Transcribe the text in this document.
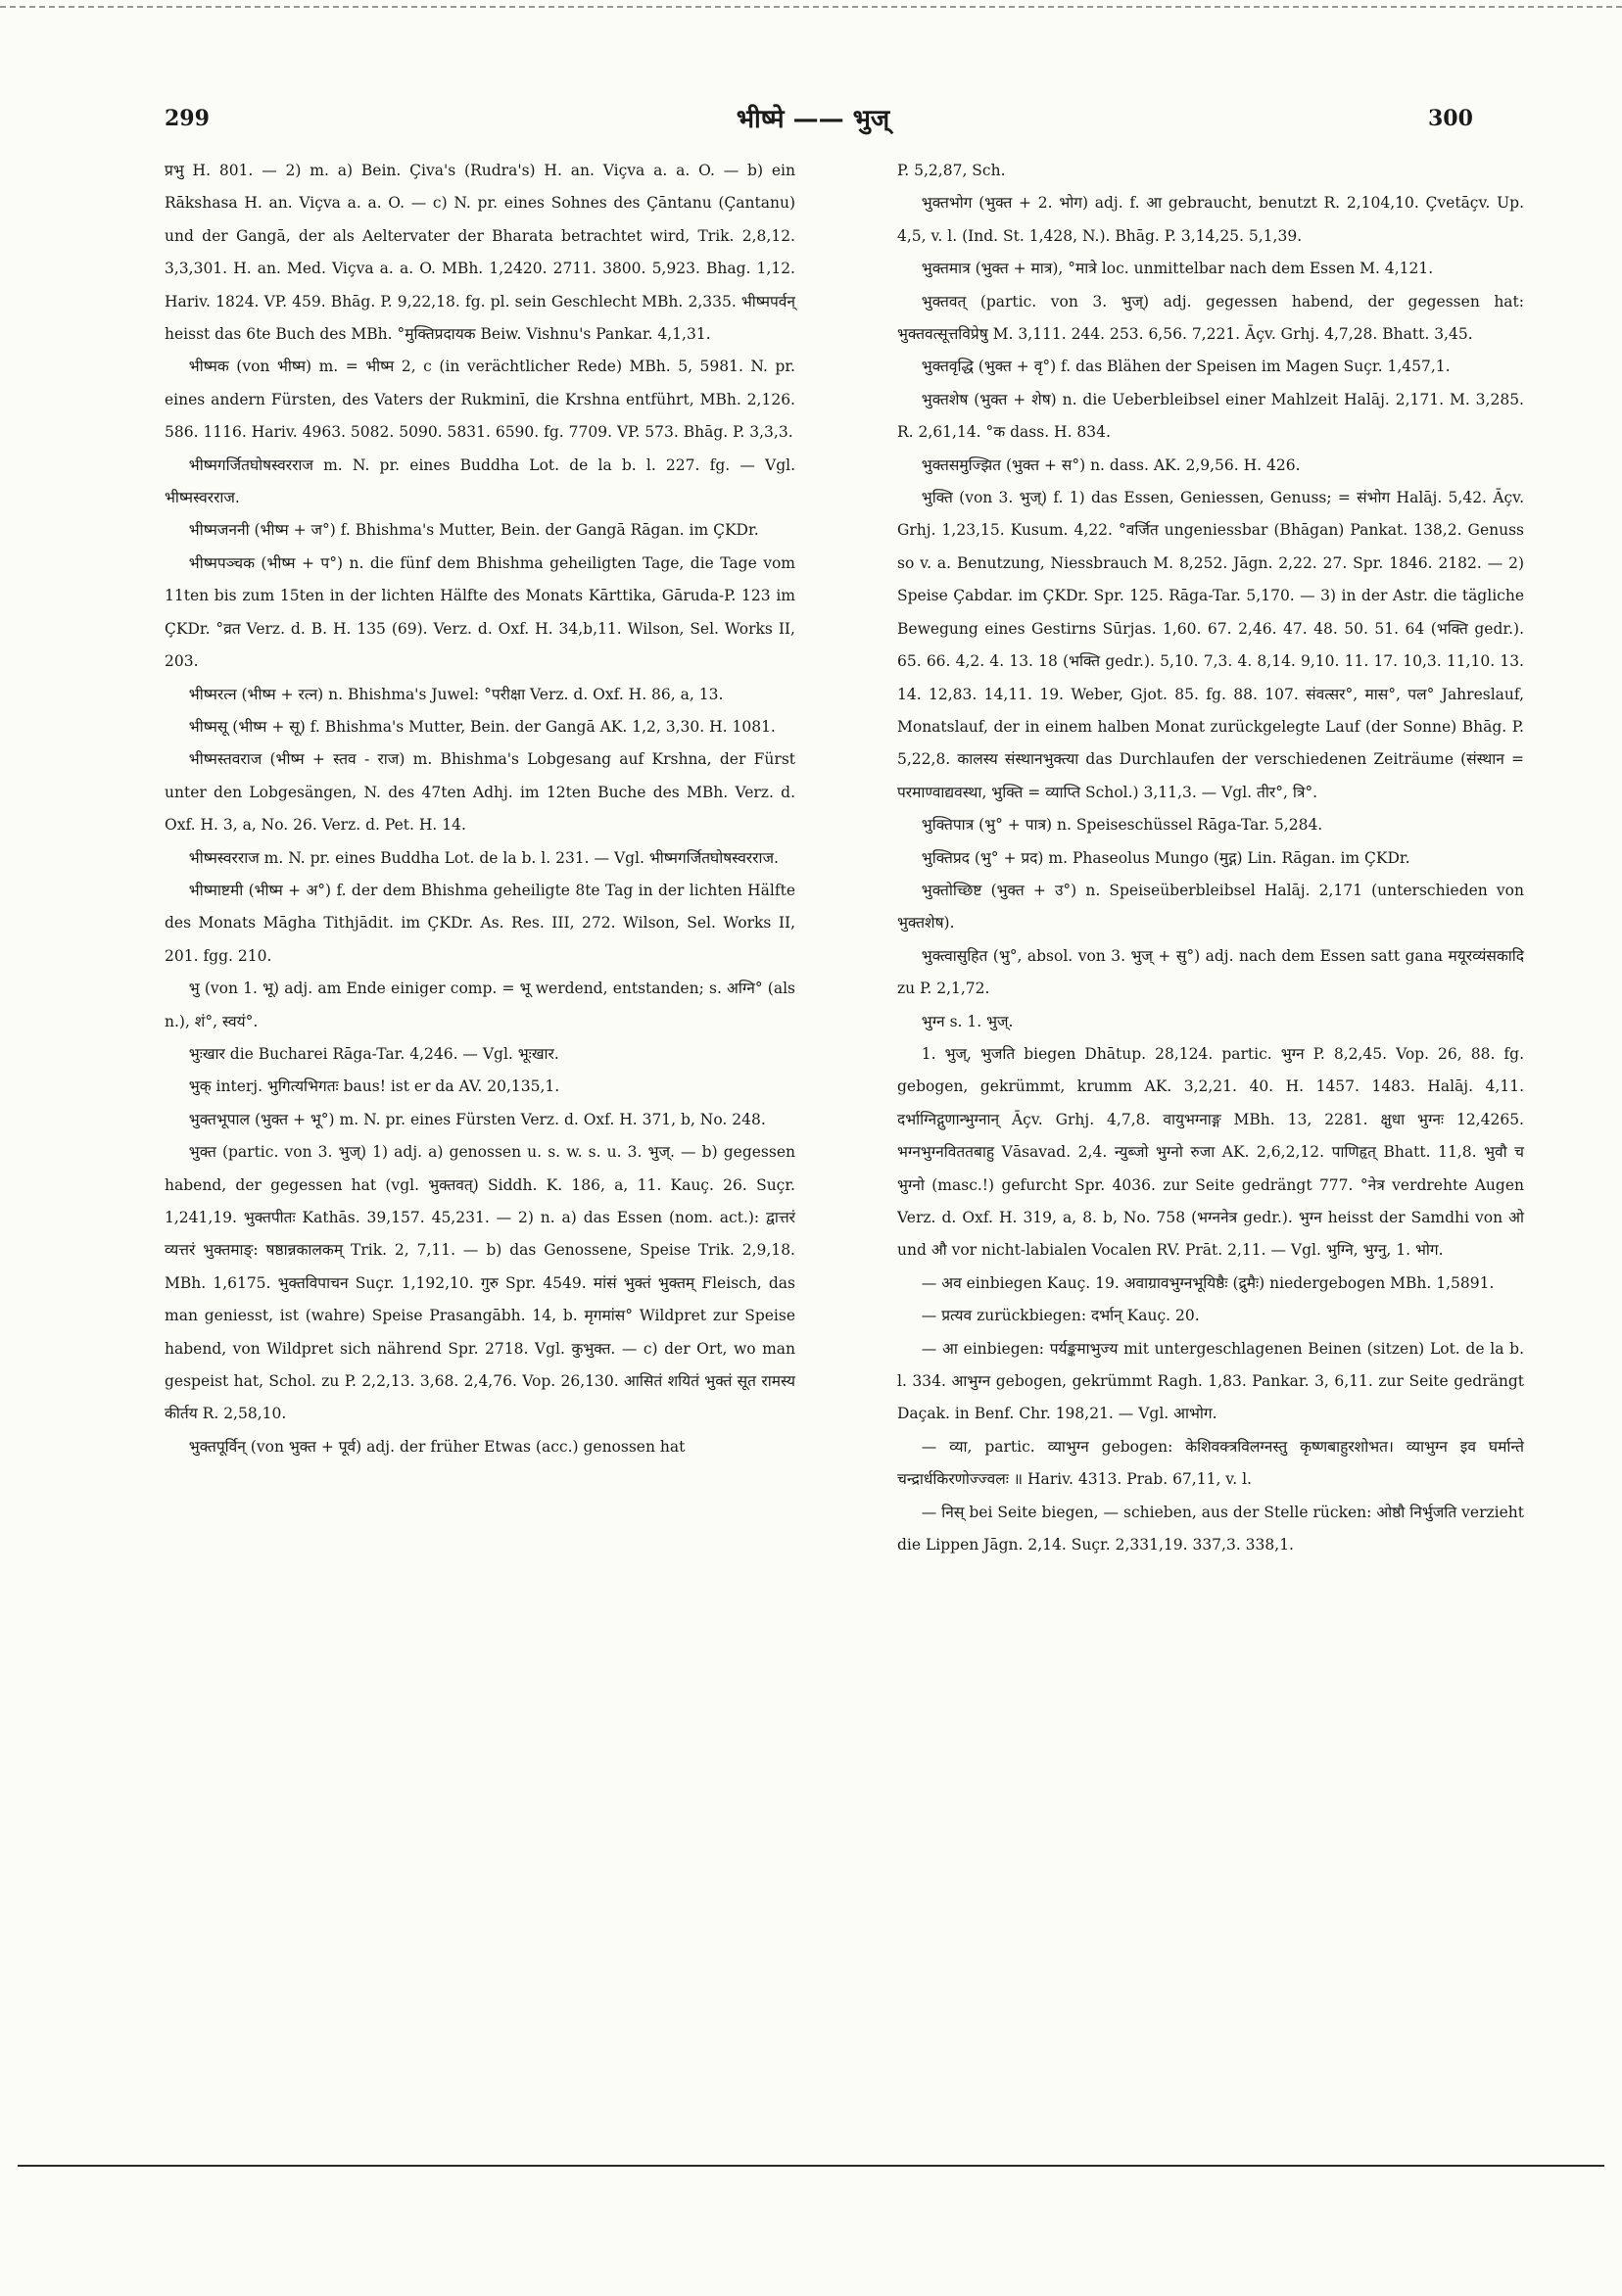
299	भीष्मे —— भुज्	300

प्रभु H. 801. — 2) m. a) Bein. Çiva's (Rudra's) H. an. Viçva a. a. O. — b) ein Rākshasa H. an. Viçva a. a. O. — c) N. pr. eines Sohnes des Çāntanu (Çantanu) und der Gangā, der als Aeltervater der Bharata betrachtet wird, Trik. 2,8,12. 3,3,301. H. an. Med. Viçva a. a. O. MBh. 1,2420. 2711. 3800. 5,923. Bhag. 1,12. Hariv. 1824. VP. 459. Bhāg. P. 9,22,18. fg. pl. sein Geschlecht MBh. 2,335. भीष्मपर्वन् heisst das 6te Buch des MBh. °मुक्तिप्रदायक Beiw. Vishnu's Pankar. 4,1,31.

भीष्मक (von भीष्म) m. = भीष्म 2, c (in verächtlicher Rede) MBh. 5, 5981. N. pr. eines andern Fürsten, des Vaters der Rukminī, die Krshna entführt, MBh. 2,126. 586. 1116. Hariv. 4963. 5082. 5090. 5831. 6590. fg. 7709. VP. 573. Bhāg. P. 3,3,3.

भीष्मगर्जितघोषस्वरराज m. N. pr. eines Buddha Lot. de la b. l. 227. fg. — Vgl. भीष्मस्वरराज.

भीष्मजननी (भीष्म + ज°) f. Bhishma's Mutter, Bein. der Gangā Rāgan. im ÇKDr.

भीष्मपञ्चक (भीष्म + प°) n. die fünf dem Bhishma geheiligten Tage, die Tage vom 11ten bis zum 15ten in der lichten Hälfte des Monats Kārttika, Gāruda-P. 123 im ÇKDr. °व्रत Verz. d. B. H. 135 (69). Verz. d. Oxf. H. 34,b,11. Wilson, Sel. Works II, 203.

भीष्मरत्न (भीष्म + रत्न) n. Bhishma's Juwel: °परीक्षा Verz. d. Oxf. H. 86, a, 13.

भीष्मसू (भीष्म + सू) f. Bhishma's Mutter, Bein. der Gangā AK. 1,2, 3,30. H. 1081.

भीष्मस्तवराज (भीष्म + स्तव - राज) m. Bhishma's Lobgesang auf Krshna, der Fürst unter den Lobgesängen, N. des 47ten Adhj. im 12ten Buche des MBh. Verz. d. Oxf. H. 3, a, No. 26. Verz. d. Pet. H. 14.

भीष्मस्वरराज m. N. pr. eines Buddha Lot. de la b. l. 231. — Vgl. भीष्मगर्जितघोषस्वरराज.

भीष्माष्टमी (भीष्म + अ°) f. der dem Bhishma geheiligte 8te Tag in der lichten Hälfte des Monats Māgha Tithjādit. im ÇKDr. As. Res. III, 272. Wilson, Sel. Works II, 201. fgg. 210.

भु (von 1. भू) adj. am Ende einiger comp. = भू werdend, entstanden; s. अग्नि° (als n.), शं°, स्वयं°.

भुःखार die Bucharei Rāga-Tar. 4,246. — Vgl. भूःखार.

भुक् interj. भुगित्यभिगतः baus! ist er da AV. 20,135,1.

भुक्तभूपाल (भुक्त + भू°) m. N. pr. eines Fürsten Verz. d. Oxf. H. 371, b, No. 248.

भुक्त (partic. von 3. भुज्) 1) adj. a) genossen u. s. w. s. u. 3. भुज्. — b) gegessen habend, der gegessen hat (vgl. भुक्तवत्) Siddh. K. 186, a, 11. Kauç. 26. Suçr. 1,241,19. भुक्तपीतः Kathās. 39,157. 45,231. — 2) n. a) das Essen (nom. act.): द्वात्तरं व्यत्तरं भुक्तमाङ्: षष्ठान्नकालकम् Trik. 2, 7,11. — b) das Genossene, Speise Trik. 2,9,18. MBh. 1,6175. भुक्तविपाचन Suçr. 1,192,10. गुरु Spr. 4549. मांसं भुक्तं भुक्तम् Fleisch, das man geniesst, ist (wahre) Speise Prasangābh. 14, b. मृगमांस° Wildpret zur Speise habend, von Wildpret sich nährend Spr. 2718. Vgl. कुभुक्त. — c) der Ort, wo man gespeist hat, Schol. zu P. 2,2,13. 3,68. 2,4,76. Vop. 26,130. आसितं शयितं भुक्तं सूत रामस्य कीर्तय R. 2,58,10.

भुक्तपूर्विन् (von भुक्त + पूर्व) adj. der früher Etwas (acc.) genossen hat

P. 5,2,87, Sch.

भुक्तभोग (भुक्त + 2. भोग) adj. f. आ gebraucht, benutzt R. 2,104,10. Çvetāçv. Up. 4,5, v. l. (Ind. St. 1,428, N.). Bhāg. P. 3,14,25. 5,1,39.

भुक्तमात्र (भुक्त + मात्र), °मात्रे loc. unmittelbar nach dem Essen M. 4,121.

भुक्तवत् (partic. von 3. भुज्) adj. gegessen habend, der gegessen hat: भुक्तवत्सूत्तविप्रेषु M. 3,111. 244. 253. 6,56. 7,221. Āçv. Grhj. 4,7,28. Bhatt. 3,45.

भुक्तवृद्धि (भुक्त + वृ°) f. das Blähen der Speisen im Magen Suçr. 1,457,1.

भुक्तशेष (भुक्त + शेष) n. die Ueberbleibsel einer Mahlzeit Halāj. 2,171. M. 3,285. R. 2,61,14. °क dass. H. 834.

भुक्तसमुज्झित (भुक्त + स°) n. dass. AK. 2,9,56. H. 426.

भुक्ति (von 3. भुज्) f. 1) das Essen, Geniessen, Genuss; = संभोग Halāj. 5,42. Āçv. Grhj. 1,23,15. Kusum. 4,22. °वर्जित ungeniessbar (Bhāgan) Pankat. 138,2. Genuss so v. a. Benutzung, Niessbrauch M. 8,252. Jāgn. 2,22. 27. Spr. 1846. 2182. — 2) Speise Çabdar. im ÇKDr. Spr. 125. Rāga-Tar. 5,170. — 3) in der Astr. die tägliche Bewegung eines Gestirns Sūrjas. 1,60. 67. 2,46. 47. 48. 50. 51. 64 (भक्ति gedr.). 65. 66. 4,2. 4. 13. 18 (भक्ति gedr.). 5,10. 7,3. 4. 8,14. 9,10. 11. 17. 10,3. 11,10. 13. 14. 12,83. 14,11. 19. Weber, Gjot. 85. fg. 88. 107. संवत्सर°, मास°, पल° Jahreslauf, Monatslauf, der in einem halben Monat zurückgelegte Lauf (der Sonne) Bhāg. P. 5,22,8. कालस्य संस्थानभुक्त्या das Durchlaufen der verschiedenen Zeiträume (संस्थान = परमाण्वाद्यवस्था, भुक्ति = व्याप्ति Schol.) 3,11,3. — Vgl. तीर°, त्रि°.

भुक्तिपात्र (भु° + पात्र) n. Speiseschüssel Rāga-Tar. 5,284.

भुक्तिप्रद (भु° + प्रद) m. Phaseolus Mungo (मुद्ग) Lin. Rāgan. im ÇKDr.

भुक्तोच्छिष्ट (भुक्त + उ°) n. Speiseüberbleibsel Halāj. 2,171 (unterschieden von भुक्तशेष).

भुक्त्वासुहित (भु°, absol. von 3. भुज् + सु°) adj. nach dem Essen satt gana मयूरव्यंसकादि zu P. 2,1,72.

भुग्न s. 1. भुज्.

1. भुज्, भुजति biegen Dhātup. 28,124. partic. भुग्न P. 8,2,45. Vop. 26, 88. fg. gebogen, gekrümmt, krumm AK. 3,2,21. 40. H. 1457. 1483. Halāj. 4,11. दर्भाग्निद्गुणान्भुग्नान् Āçv. Grhj. 4,7,8. वायुभग्नाङ्ग MBh. 13, 2281. क्षुधा भुग्नः 12,4265. भग्नभुग्नविततबाहु Vāsavad. 2,4. न्युब्जो भुग्नो रुजा AK. 2,6,2,12. पाणिहृत् Bhatt. 11,8. भुवौ च भुग्नो (masc.!) gefurcht Spr. 4036. zur Seite gedrängt 777. °नेत्र verdrehte Augen Verz. d. Oxf. H. 319, a, 8. b, No. 758 (भग्ननेत्र gedr.). भुग्न heisst der Samdhi von ओ und औ vor nicht-labialen Vocalen RV. Prāt. 2,11. — Vgl. भुग्नि, भुग्नु, 1. भोग.

— अव einbiegen Kauç. 19. अवाग्रावभुग्नभूयिष्ठैः (द्रुमैः) niedergebogen MBh. 1,5891.

— प्रत्यव zurückbiegen: दर्भान् Kauç. 20.

— आ einbiegen: पर्यङ्कमाभुज्य mit untergeschlagenen Beinen (sitzen) Lot. de la b. l. 334. आभुग्न gebogen, gekrümmt Ragh. 1,83. Pankar. 3, 6,11. zur Seite gedrängt Daçak. in Benf. Chr. 198,21. — Vgl. आभोग.

— व्या, partic. व्याभुग्न gebogen: केशिवक्त्रविलग्नस्तु कृष्णबाहुरशोभत। व्याभुग्न इव घर्मान्ते चन्द्रार्धकिरणोज्ज्वलः ॥ Hariv. 4313. Prab. 67,11, v. l.

— निस् bei Seite biegen, — schieben, aus der Stelle rücken: ओष्ठौ निर्भुजति verzieht die Lippen Jāgn. 2,14. Suçr. 2,331,19. 337,3. 338,1.
